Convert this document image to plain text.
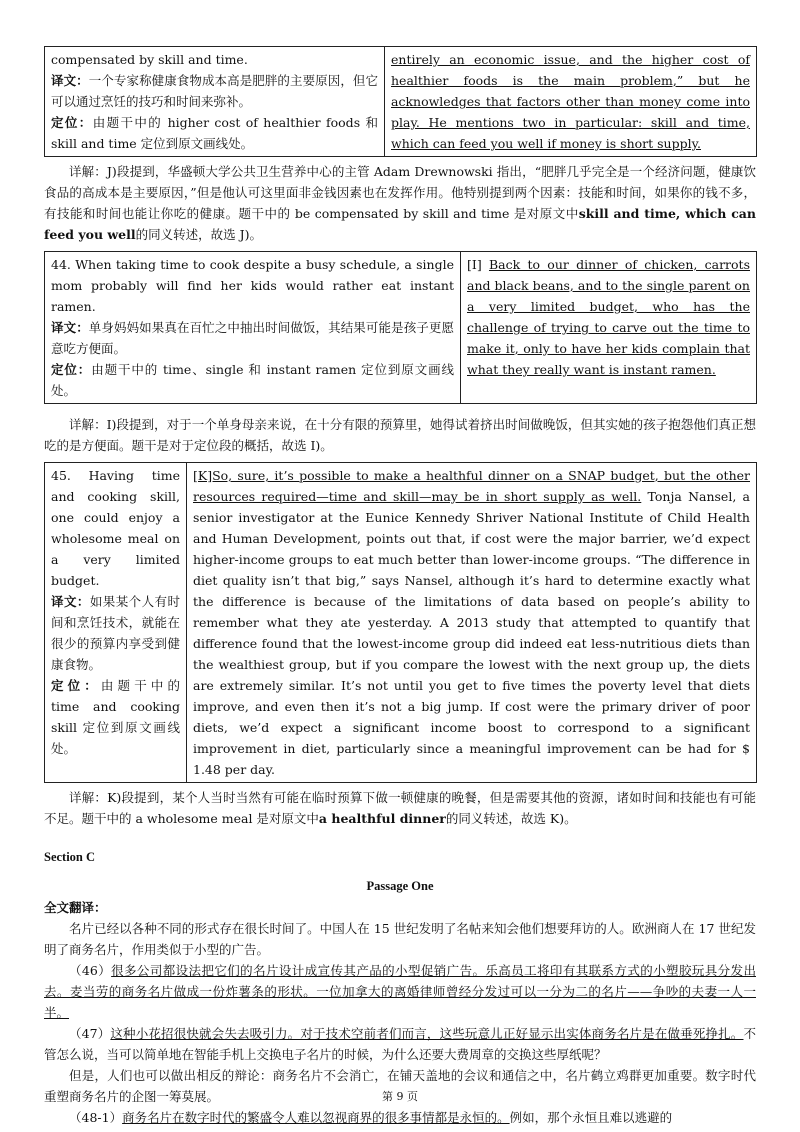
compensated by skill and time.
译文：一个专家称健康食物成本高是肥胖的主要原因，但它可以通过烹饪的技巧和时间来弥补。
定位：由题干中的 higher cost of healthier foods 和 skill and time 定位到原文画线处。
	entirely an economic issue, and the higher cost of healthier foods is the main problem,” but he acknowledges that factors other than money come into play. He mentions two in particular: skill and time, which can feed you well if money is short supply.

详解：J)段提到，华盛顿大学公共卫生营养中心的主管 Adam Drewnowski 指出，“肥胖几乎完全是一个经济问题，健康饮食品的高成本是主要原因，”但是他认可这里面非金钱因素也在发挥作用。他特别提到两个因素：技能和时间，如果你的钱不多，有技能和时间也能让你吃的健康。题干中的 be compensated by skill and time 是对原文中skill and time, which can feed you well的同义转述，故选 J)。

44. When taking time to cook despite a busy schedule, a single mom probably will find her kids would rather eat instant ramen.
译文：单身妈妈如果真在百忙之中抽出时间做饭，其结果可能是孩子更愿意吃方便面。
定位：由题干中的 time、single 和 instant ramen 定位到原文画线处。
	[I] Back to our dinner of chicken, carrots and black beans, and to the single parent on a very limited budget, who has the challenge of trying to carve out the time to make it, only to have her kids complain that what they really want is instant ramen.

详解：I)段提到，对于一个单身母亲来说，在十分有限的预算里，她得试着挤出时间做晚饭，但其实她的孩子抱怨他们真正想吃的是方便面。题干是对于定位段的概括，故选 I)。

45. Having time and cooking skill, one could enjoy a wholesome meal on a very limited budget.
译文：如果某个人有时间和烹饪技术，就能在很少的预算内享受到健康食物。
定位：由题干中的 time and cooking skill 定位到原文画线处。
	[K]So, sure, it’s possible to make a healthful dinner on a SNAP budget, but the other resources required—time and skill—may be in short supply as well. Tonja Nansel, a senior investigator at the Eunice Kennedy Shriver National Institute of Child Health and Human Development, points out that, if cost were the major barrier, we’d expect higher-income groups to eat much better than lower-income groups. “The difference in diet quality isn’t that big,” says Nansel, although it’s hard to determine exactly what the difference is because of the limitations of data based on people’s ability to remember what they ate yesterday. A 2013 study that attempted to quantify that difference found that the lowest-income group did indeed eat less-nutritious diets than the wealthiest group, but if you compare the lowest with the next group up, the diets are extremely similar. It’s not until you get to five times the poverty level that diets improve, and even then it’s not a big jump. If cost were the primary driver of poor diets, we’d expect a significant income boost to correspond to a significant improvement in diet, particularly since a meaningful improvement can be had for $ 1.48 per day.

详解：K)段提到，某个人当时当然有可能在临时预算下做一顿健康的晚餐，但是需要其他的资源，诸如时间和技能也有可能不足。题干中的 a wholesome meal 是对原文中a healthful dinner的同义转述，故选 K)。

Section C
Passage One
全文翻译：

名片已经以各种不同的形式存在很长时间了。中国人在 15 世纪发明了名帖来知会他们想要拜访的人。欧洲商人在 17 世纪发明了商务名片，作用类似于小型的广告。

（46）很多公司都设法把它们的名片设计成宣传其产品的小型促销广告。乐高员工将印有其联系方式的小塑胶玩具分发出去。麦当劳的商务名片做成一份炸薯条的形状。一位加拿大的离婚律师曾经分发过可以一分为二的名片——争吵的夫妻一人一半。

（47）这种小花招很快就会失去吸引力。对于技术空前者们而言，这些玩意儿正好显示出实体商务名片是在做垂死挣扎。不管怎么说，当可以简单地在智能手机上交换电子名片的时候，为什么还要大费周章的交换这些厚纸呢？

但是，人们也可以做出相反的辩论：商务名片不会消亡，在铺天盖地的会议和通信之中，名片鹤立鸡群更加重要。数字时代重塑商务名片的企图一筹莫展。

（48-1）商务名片在数字时代的繁盛令人难以忽视商界的很多事情都是永恒的。例如，那个永恒且难以逃避的

第 9 页
